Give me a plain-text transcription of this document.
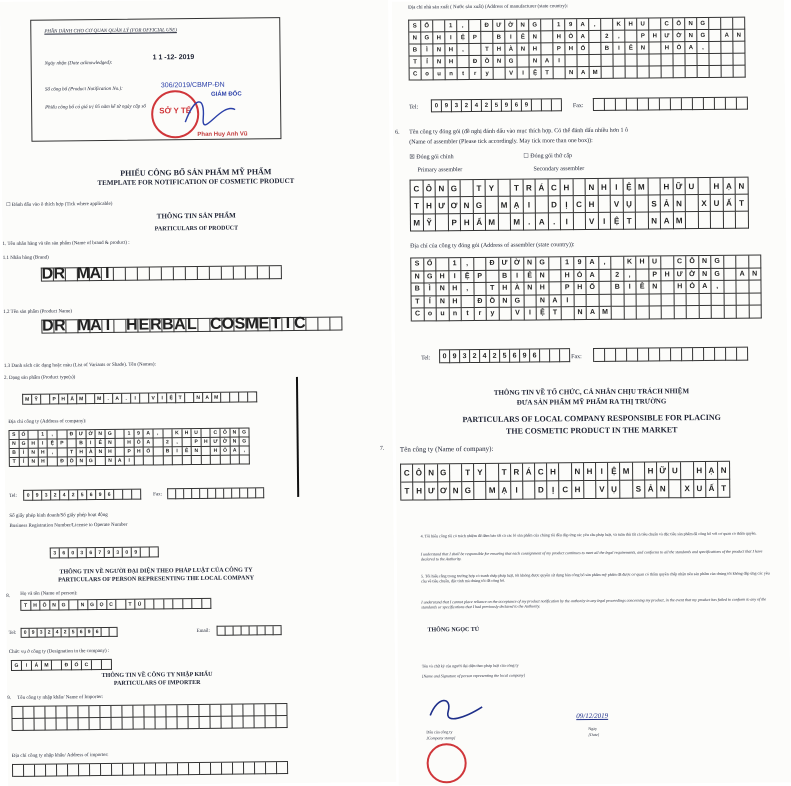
PHẦN DÀNH CHO CƠ QUAN QUẢN LÝ (FOR OFFICIAL USE)
Ngày nhận (Date acknowledged):
1 1 -12- 2019
Số công bố (Product Notification No.):
306/2019/CBMP-ĐN
GIÁM ĐỐC
Phiếu công bố có giá trị 05 năm kể từ ngày cấp số	SỞ Y TẾ
Phan Huy Anh Vũ
PHIẾU CÔNG BỐ SẢN PHẨM MỸ PHẨM
TEMPLATE FOR NOTIFICATION OF COSMETIC PRODUCT
☐ Đánh dấu vào ô thích hợp (Tick where applicable)
THÔNG TIN SẢN PHẨM
PARTICULARS OF PRODUCT
1. Tên nhãn hàng và tên sản phẩm (Name of brand & product) :
1.1 Nhãn hàng (Brand)
D R M A I
1.2 Tên sản phẩm (Product Name)
D R M A I H E R B A L C O S M E T I C
1.3 Danh sách các dạng hoặc màu (List of Variants or Shade). Tên (Names):
2. Dạng sản phẩm (Product type(s))
M	Ỹ	P	H	Ẩ	M	M	.	A	.	I	V	I	Ệ	T	N	A	M
Địa chỉ công ty (Address of company):
S	Ố	1	,	Đ	Ư	Ờ	N	G	1	9	A	,	K	H	U	C	Ô	N	G
N	G	H	I	Ệ	P	B	I	Ê	N	H	Ò	A	2	,	P	H	Ư	Ờ	N	G
B	Ì	N	H	,	T	H	À	N	H	P	H	Ố	B	I	Ê	N	H	Ò	A	,
T	Ỉ	N	H	Đ	Ồ	N	G	N	A	I
Tel:	0	9	3	2	4	2	5	6	9	6	Fax:
Số giấy phép kinh doanh/Số giấy phép hoạt động
Business Registration Number/License to Operate Number
3	6	0	3	6	7	9	3	0	9
THÔNG TIN VỀ NGƯỜI ĐẠI DIỆN THEO PHÁP LUẬT CỦA CÔNG TY
PARTICULARS OF PERSON REPRESENTING THE LOCAL COMPANY
8. Họ và tên (Name of person):
T	H	Ô	N	G	N	G	Ọ	C	T	Ú
Tel:	0	9	3	2	4	2	5	6	9	6	Email:
Chức vụ ở công ty (Designation in the company) :
G	I	Á	M	Đ	Ố	C
THÔNG TIN VỀ CÔNG TY NHẬP KHẨU
PARTICULARS OF IMPORTER
9. Tên công ty nhập khẩu/ Name of Importer:
Địa chỉ công ty nhập khẩu/ Address of importer:
Địa chỉ nhà sản xuất ( Nước sản xuất) (Address of manufacturer (state country):
S	Ố	1	,	Đ	Ư	Ờ	N	G	1	9	A	,	K	H	U	C	Ô	N	G
N	G	H	I	Ệ	P	B	I	Ê	N	H	Ò	A	2	,	P	H	Ư	Ờ	N	G	A	N
B	Ì	N	H	,	T	H	À	N	H	P	H	Ố	B	I	Ê	N	H	Ò	A	,
T	Ỉ	N	H	Đ	Ồ	N	G	N	A	I
C	o	u	n	t	r	y	V	I	Ệ	T	N	A	M
Tel:	0	9	3	2	4	2	5	9	6	9	Fax:
6. Tên công ty đóng gói (đề nghị đánh dấu vào mục thích hợp. Có thể đánh dấu nhiều hơn 1 ô
(Name of assembler (Please tick accordingly. May tick more than one box)):
☒ Đóng gói chính	☐ Đóng gói thứ cấp
Primary assembler	Secondary assembler
C Ô N G	T Y	T R Á C H	N H	I	Ệ M	H Ữ U	H Ạ N
T H Ư Ơ N G	M Ạ	I	D	Ị	C H	V Ụ	S Ả N	X U Ấ T
M Ỹ	P H Ẩ M	M .	A	.	I	V	I	Ệ T	N A M
Địa chỉ của công ty đóng gói (Address of assembler (state country)):
S	Ố	1	,	Đ	Ư Ờ N	G	1	9	A	,	K	H	U	C	Ô	N	G
N	G	H	I	Ệ	P	B	I	Ê	N	H	Ò	A	2	,	P	H	Ư Ờ N	G	A	N
B	Ì	N	H	,	T	H	À	N	H	P	H	Ố	B	I	Ê	N	H	Ò	A	,
T	Ỉ	N	H	Đ	Ồ	N	G	N	A	I
C	o	u	n	t	r	y	V	I	Ệ	T	N	A M
Tel:	0 9 3 2 4 2 5 6 9 6	Fax:
THÔNG TIN VỀ TỔ CHỨC, CÁ NHÂN CHỊU TRÁCH NHIỆM
ĐƯA SẢN PHẨM MỸ PHẨM RA THỊ TRƯỜNG
PARTICULARS OF LOCAL COMPANY RESPONSIBLE FOR PLACING
THE COSMETIC PRODUCT IN THE MARKET
7. Tên công ty (Name of company):
C Ô N G	T Y	T R Á C H	N H	I	Ệ M	H Ữ U	H Ạ N
T H Ư Ơ N G	M Ạ	I	D	Ị	C H	V Ụ	S Ả N	X U Ấ T
4. Tôi hiểu công tôi có trách nhiệm để đảm bảo tất cả các lô sản phẩm của chúng tôi đều đáp ứng các yêu cầu pháp luật, và tuân thủ tất cả tiêu chuẩn và đặc tiêu sản phẩm đã công bố với cơ quan có thẩm quyền.
I understand that I shall be responsible for ensuring that each consignment of my product continues to meet all the legal requirements, and conforms to all the standards and specifications of the product that I have declared to the Authority.
5. Tôi hiểu rằng trong trường hợp có tranh chấp pháp luật, tôi không được quyền sử dụng bản công bố sản phẩm mỹ phẩm đã được cơ quan có thẩm quyền chấp nhận nếu sản phẩm của chúng tôi không đáp ứng các yêu cầu về tiêu chuẩn, đặc tính mà chúng tôi đã công bố.
I understand that I cannot place reliance on the acceptance of my product notification by the authority in any legal proceedings concerning my product, in the event that my product has failed to conform to any of the standards or specifications that I had previously declared to the Authority.
THÔNG NGỌC TÚ
Tên và chữ ký của người đại diện theo pháp luật của công ty
[Name and Signature of person representing the local company]
Dấu của công ty
[Company stamp]
09/12/2019
Ngày
[Date]
